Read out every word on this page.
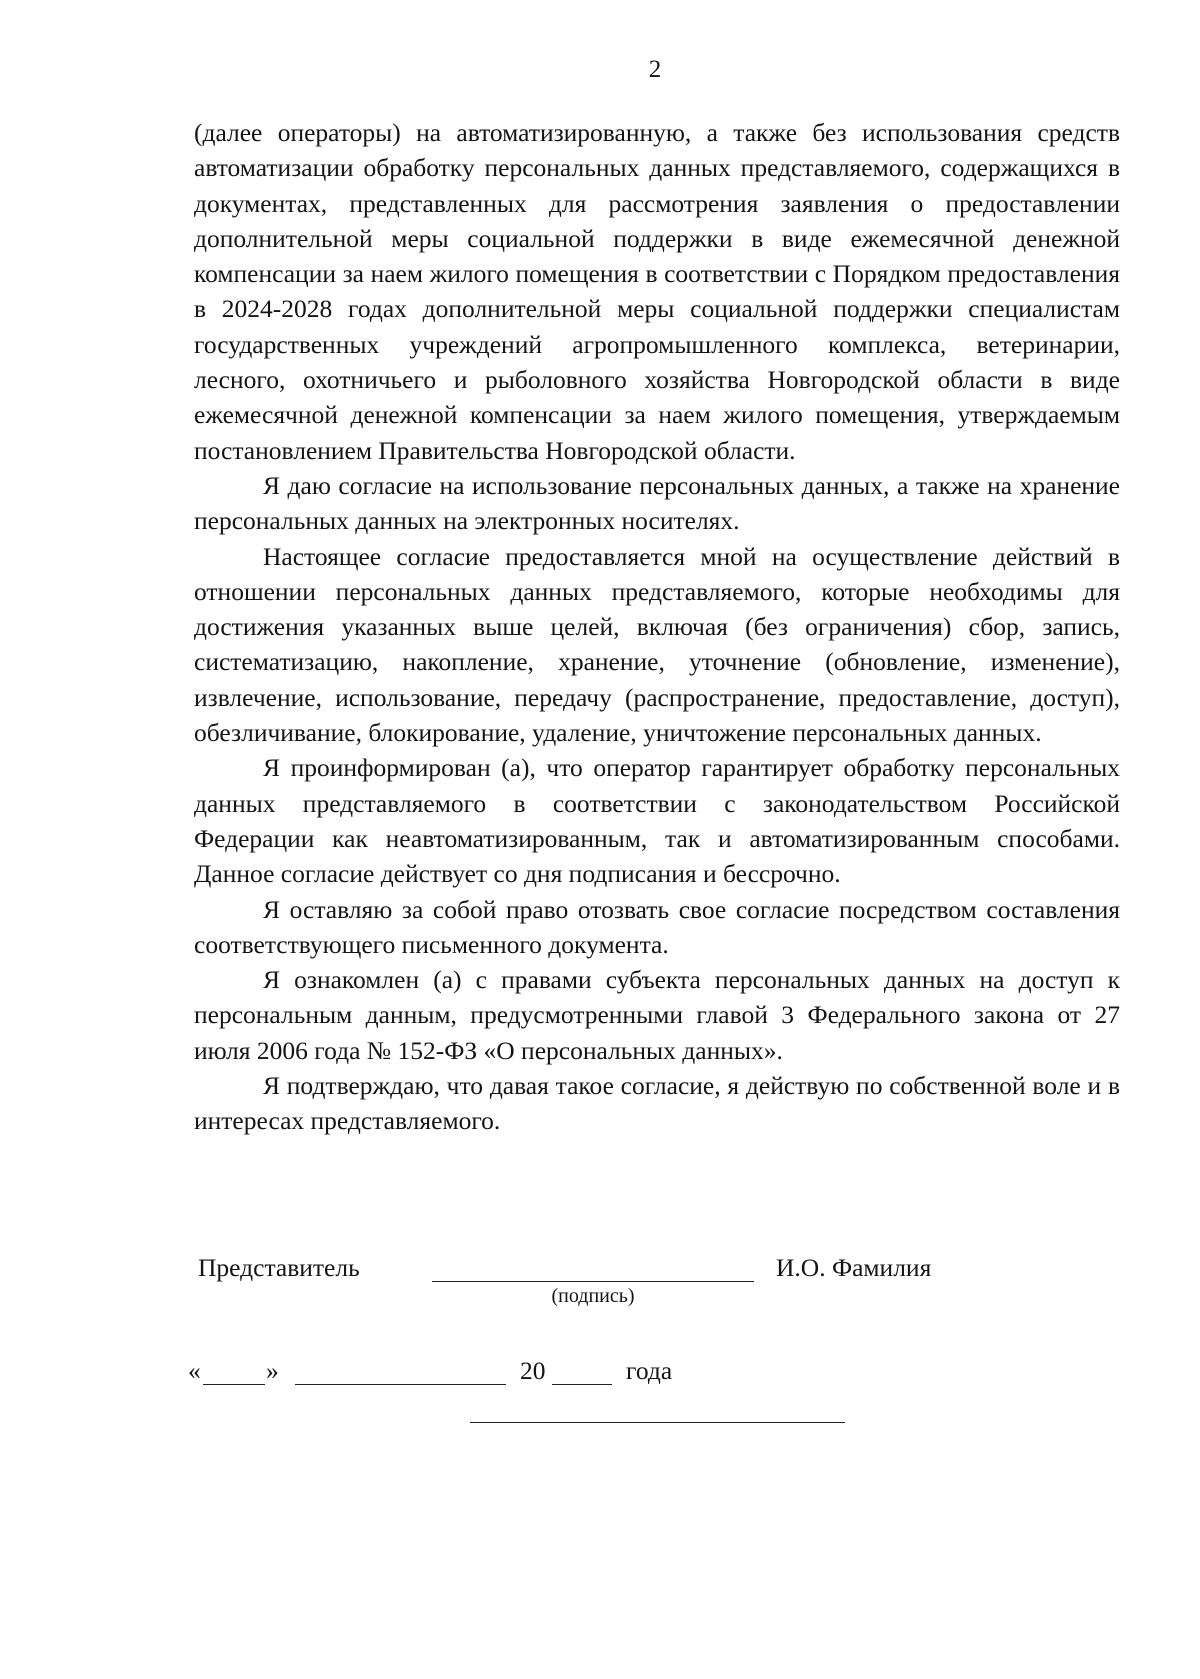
2

(далее операторы) на автоматизированную, а также без использования средств автоматизации обработку персональных данных представляемого, содержащихся в документах, представленных для рассмотрения заявления о предоставлении дополнительной меры социальной поддержки в виде ежемесячной денежной компенсации за наем жилого помещения в соответствии с Порядком предоставления в 2024-2028 годах дополнительной меры социальной поддержки специалистам государственных учреждений агропромышленного комплекса, ветеринарии, лесного, охотничьего и рыболовного хозяйства Новгородской области в виде ежемесячной денежной компенсации за наем жилого помещения, утверждаемым постановлением Правительства Новгородской области.

Я даю согласие на использование персональных данных, а также на хранение персональных данных на электронных носителях.

Настоящее согласие предоставляется мной на осуществление действий в отношении персональных данных представляемого, которые необходимы для достижения указанных выше целей, включая (без ограничения) сбор, запись, систематизацию, накопление, хранение, уточнение (обновление, изменение), извлечение, использование, передачу (распространение, предоставление, доступ), обезличивание, блокирование, удаление, уничтожение персональных данных.

Я проинформирован (а), что оператор гарантирует обработку персональных данных представляемого в соответствии с законодательством Российской Федерации как неавтоматизированным, так и автоматизированным способами. Данное согласие действует со дня подписания и бессрочно.

Я оставляю за собой право отозвать свое согласие посредством составления соответствующего письменного документа.

Я ознакомлен (а) с правами субъекта персональных данных на доступ к персональным данным, предусмотренными главой 3 Федерального закона от 27 июля 2006 года № 152-ФЗ «О персональных данных».

Я подтверждаю, что давая такое согласие, я действую по собственной воле и в интересах представляемого.

Представитель
(подпись)
И.О. Фамилия
«	»	20	года
